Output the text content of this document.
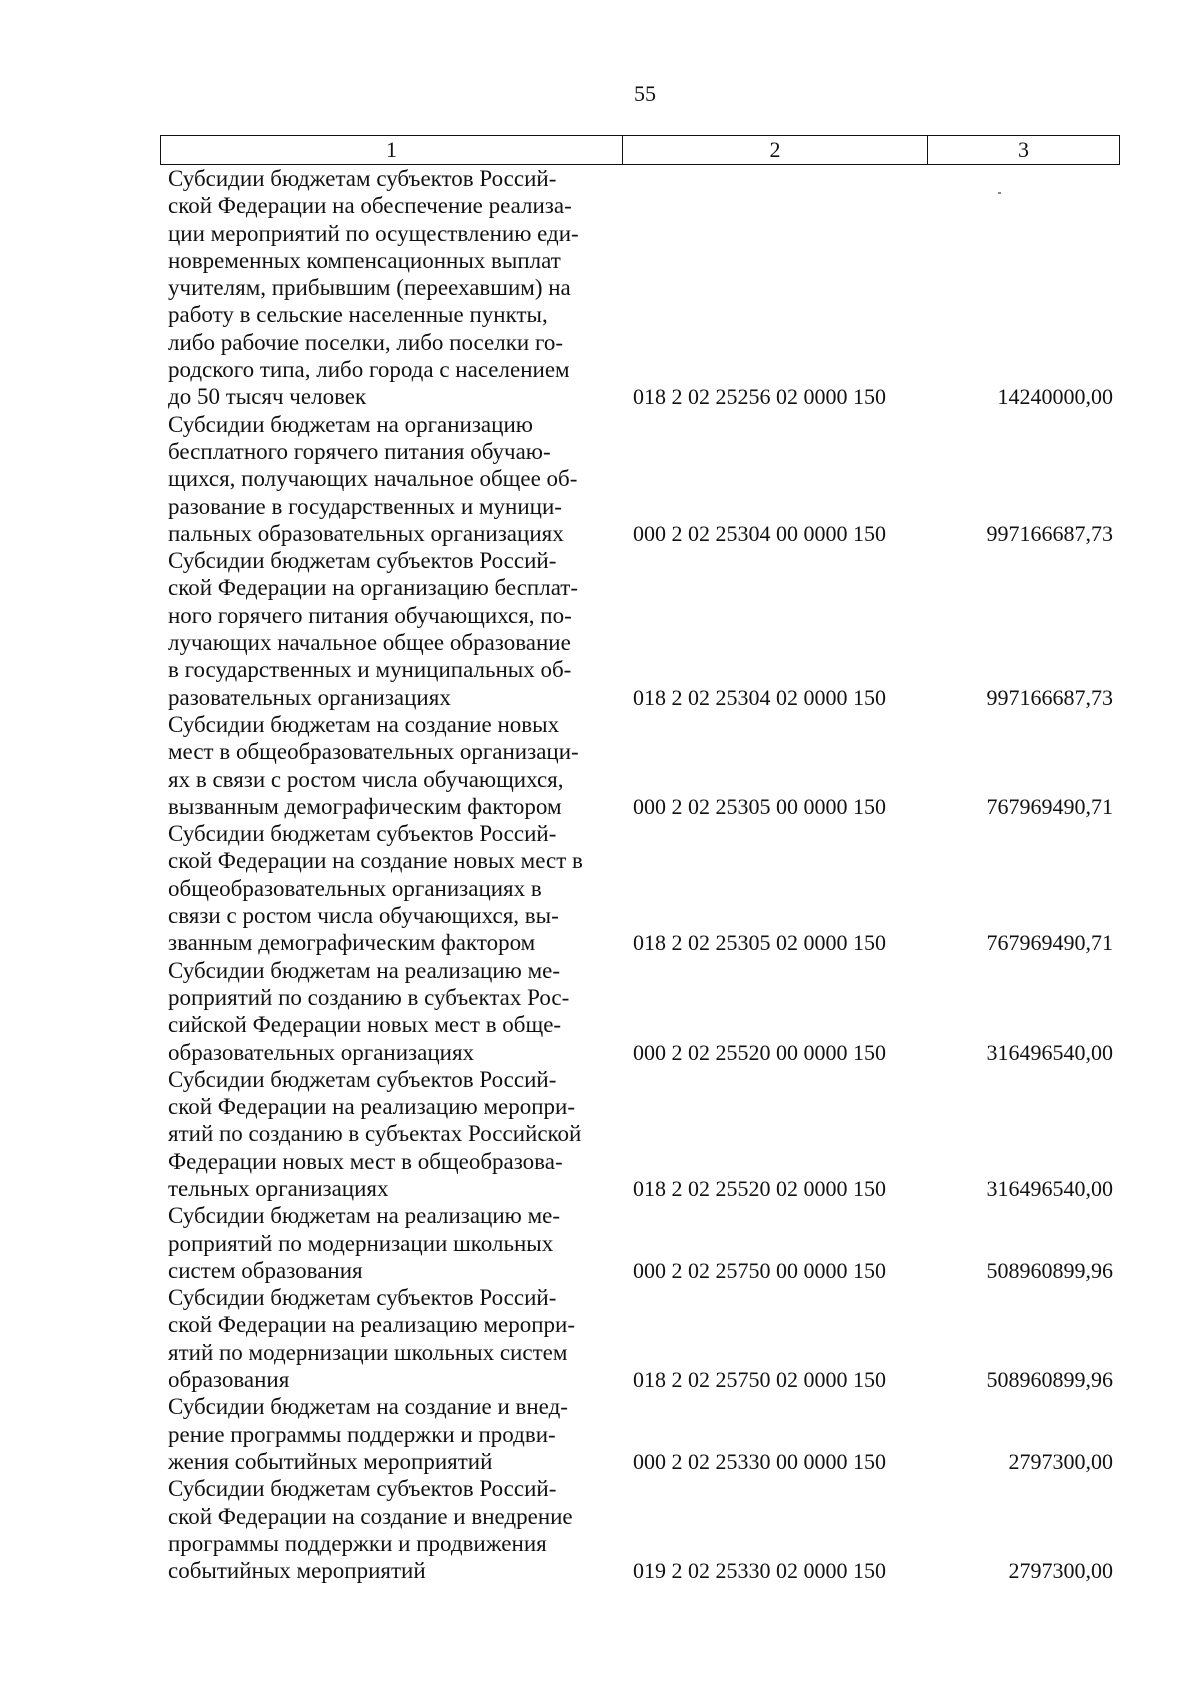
55
1	2	3
Субсидии бюджетам субъектов Россий-
ской Федерации на обеспечение реализа-
ции мероприятий по осуществлению еди-
новременных компенсационных выплат
учителям, прибывшим (переехавшим) на
работу в сельские населенные пункты,
либо рабочие поселки, либо поселки го-
родского типа, либо города с населением
до 50 тысяч человек	018 2 02 25256 02 0000 150	14240000,00
Субсидии бюджетам на организацию
бесплатного горячего питания обучаю-
щихся, получающих начальное общее об-
разование в государственных и муници-
пальных образовательных организациях	000 2 02 25304 00 0000 150	997166687,73
Субсидии бюджетам субъектов Россий-
ской Федерации на организацию бесплат-
ного горячего питания обучающихся, по-
лучающих начальное общее образование
в государственных и муниципальных об-
разовательных организациях	018 2 02 25304 02 0000 150	997166687,73
Субсидии бюджетам на создание новых
мест в общеобразовательных организаци-
ях в связи с ростом числа обучающихся,
вызванным демографическим фактором	000 2 02 25305 00 0000 150	767969490,71
Субсидии бюджетам субъектов Россий-
ской Федерации на создание новых мест в
общеобразовательных организациях в
связи с ростом числа обучающихся, вы-
званным демографическим фактором	018 2 02 25305 02 0000 150	767969490,71
Субсидии бюджетам на реализацию ме-
роприятий по созданию в субъектах Рос-
сийской Федерации новых мест в обще-
образовательных организациях	000 2 02 25520 00 0000 150	316496540,00
Субсидии бюджетам субъектов Россий-
ской Федерации на реализацию меропри-
ятий по созданию в субъектах Российской
Федерации новых мест в общеобразова-
тельных организациях	018 2 02 25520 02 0000 150	316496540,00
Субсидии бюджетам на реализацию ме-
роприятий по модернизации школьных
систем образования	000 2 02 25750 00 0000 150	508960899,96
Субсидии бюджетам субъектов Россий-
ской Федерации на реализацию меропри-
ятий по модернизации школьных систем
образования	018 2 02 25750 02 0000 150	508960899,96
Субсидии бюджетам на создание и внед-
рение программы поддержки и продви-
жения событийных мероприятий	000 2 02 25330 00 0000 150	2797300,00
Субсидии бюджетам субъектов Россий-
ской Федерации на создание и внедрение
программы поддержки и продвижения
событийных мероприятий	019 2 02 25330 02 0000 150	2797300,00
